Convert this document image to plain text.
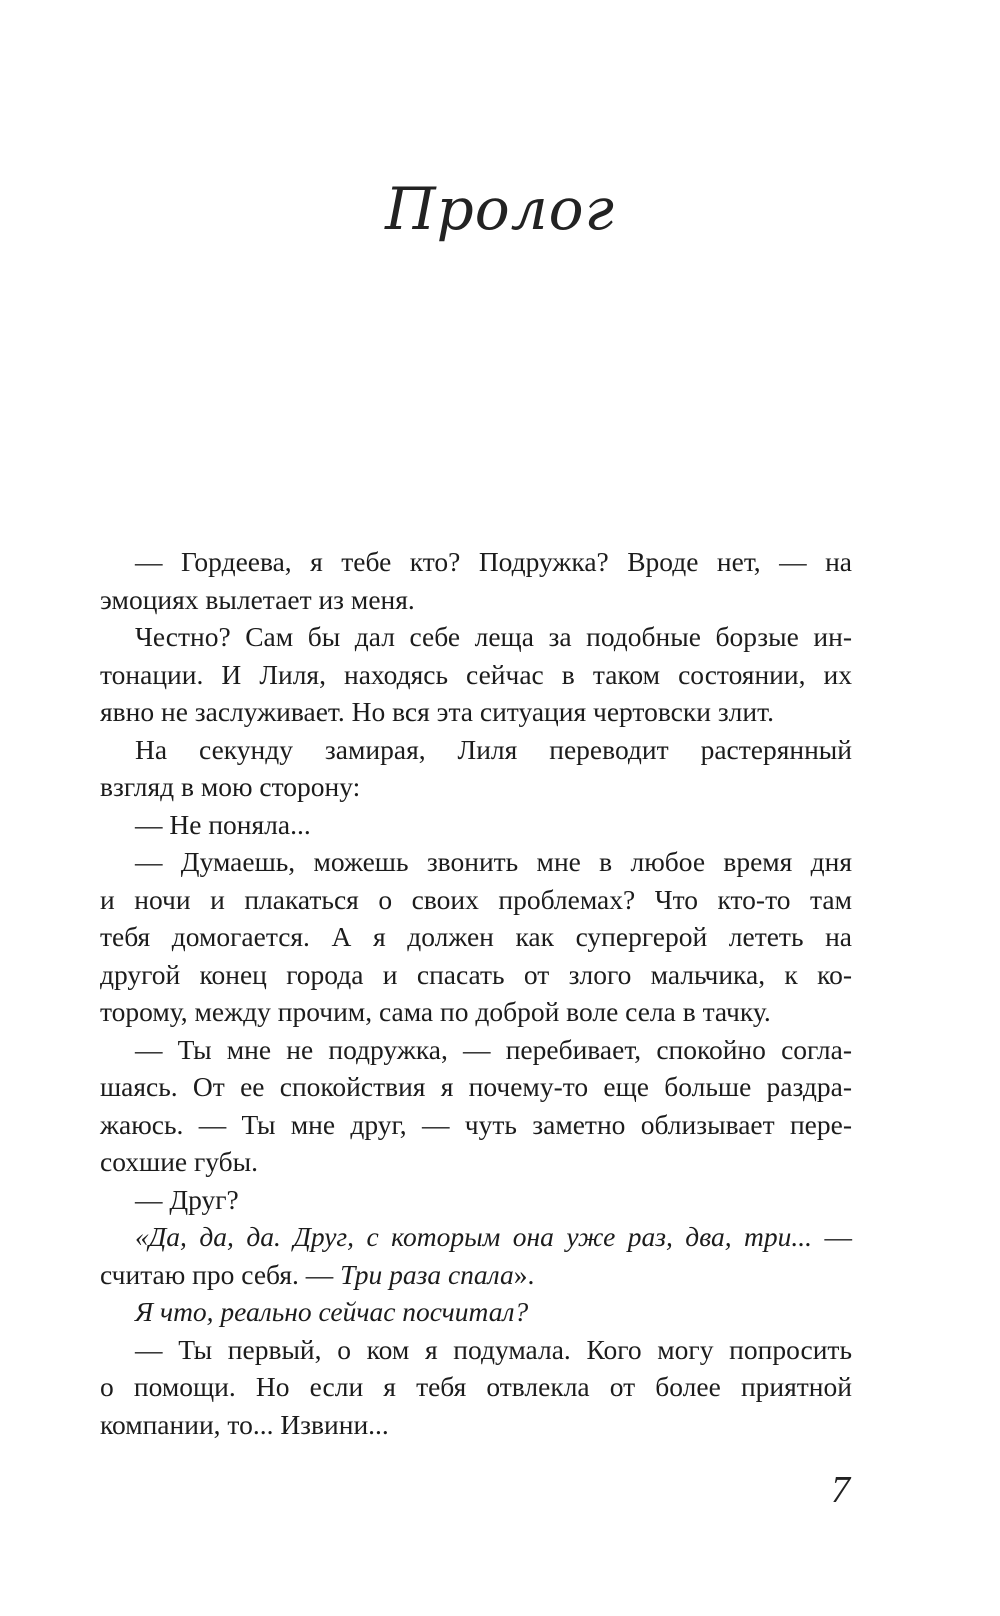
Пролог
— Гордеева, я тебе кто? Подружка? Вроде нет, — на
эмоциях вылетает из меня.
Честно? Сам бы дал себе леща за подобные борзые ин-
тонации. И Лиля, находясь сейчас в таком состоянии, их
явно не заслуживает. Но вся эта ситуация чертовски злит.
На секунду замирая, Лиля переводит растерянный
взгляд в мою сторону:
— Не поняла...
— Думаешь, можешь звонить мне в любое время дня
и ночи и плакаться о своих проблемах? Что кто-то там
тебя домогается. А я должен как супергерой лететь на
другой конец города и спасать от злого мальчика, к ко-
торому, между прочим, сама по доброй воле села в тачку.
— Ты мне не подружка, — перебивает, спокойно согла-
шаясь. От ее спокойствия я почему-то еще больше раздра-
жаюсь. — Ты мне друг, — чуть заметно облизывает пере-
сохшие губы.
— Друг?
«Да, да, да. Друг, с которым она уже раз, два, три... —
считаю про себя. — Три раза спала».
Я что, реально сейчас посчитал?
— Ты первый, о ком я подумала. Кого могу попросить
о помощи. Но если я тебя отвлекла от более приятной
компании, то... Извини...
7
